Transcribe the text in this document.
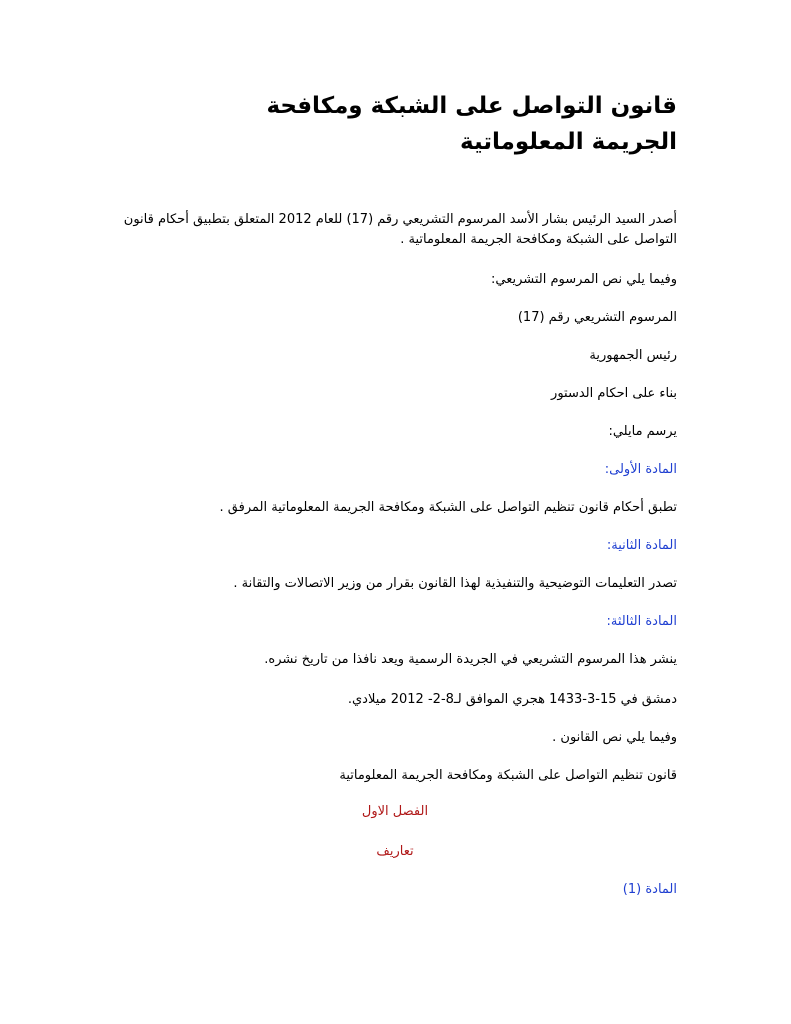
قانون التواصل على الشبكة ومكافحة الجريمة المعلوماتية

أصدر السيد الرئيس بشار الأسد المرسوم التشريعي رقم (17) للعام 2012 المتعلق بتطبيق أحكام قانون التواصل على الشبكة ومكافحة الجريمة المعلوماتية .

وفيما يلي نص المرسوم التشريعي:

المرسوم التشريعي رقم (17)

رئيس الجمهورية

بناء على احكام الدستور

يرسم مايلي:

المادة الأولى:

تطبق أحكام قانون تنظيم التواصل على الشبكة ومكافحة الجريمة المعلوماتية المرفق .

المادة الثانية:

تصدر التعليمات التوضيحية والتنفيذية لهذا القانون بقرار من وزير الاتصالات والتقانة .

المادة الثالثة:

ينشر هذا المرسوم التشريعي في الجريدة الرسمية ويعد نافذا من تاريخ نشره.

دمشق في 15-3-1433 هجري الموافق لـ8-2- 2012 ميلادي.

وفيما يلي نص القانون .

قانون تنظيم التواصل على الشبكة ومكافحة الجريمة المعلوماتية

الفصل الاول

تعاريف

المادة (1)
